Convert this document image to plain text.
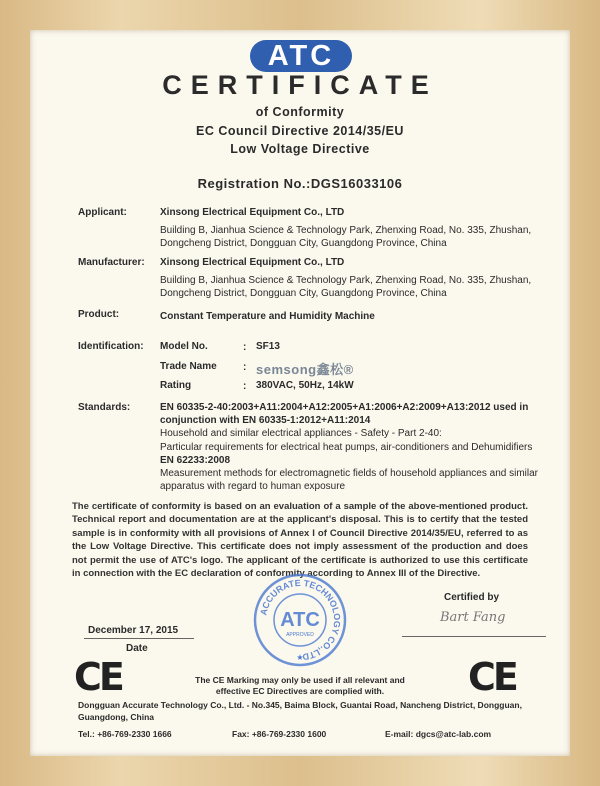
ATC
CERTIFICATE
of Conformity
EC Council Directive 2014/35/EU
Low Voltage Directive
Registration No.:DGS16033106
Applicant:	Xinsong Electrical Equipment Co., LTD
Building B, Jianhua Science & Technology Park, Zhenxing Road, No. 335, Zhushan,
Dongcheng District, Dongguan City, Guangdong Province, China
Manufacturer: Xinsong Electrical Equipment Co., LTD
Building B, Jianhua Science & Technology Park, Zhenxing Road, No. 335, Zhushan,
Dongcheng District, Dongguan City, Guangdong Province, China
Product:	Constant Temperature and Humidity Machine
Identification: Model No.	: SF13
Trade Name	: semsong鑫松®
Rating	: 380VAC, 50Hz, 14kW
Standards:	EN 60335-2-40:2003+A11:2004+A12:2005+A1:2006+A2:2009+A13:2012 used in
conjunction with EN 60335-1:2012+A11:2014
Household and similar electrical appliances - Safety - Part 2-40:
Particular requirements for electrical heat pumps, air-conditioners and Dehumidifiers
EN 62233:2008
Measurement methods for electromagnetic fields of household appliances and similar
apparatus with regard to human exposure
The certificate of conformity is based on an evaluation of a sample of the above-mentioned product. Technical report and documentation are at the applicant's disposal. This is to certify that the tested sample is in conformity with all provisions of Annex I of Council Directive 2014/35/EU, referred to as the Low Voltage Directive. This certificate does not imply assessment of the production and does not permit the use of ATC's logo. The applicant of the certificate is authorized to use this certificate in connection with the EC declaration of conformity according to Annex III of the Directive.
December 17, 2015
Date
Certified by
Bart Fang
ACCURATE TECHNOLOGY CO.,LTD
ATC
APPROVED
★
CE	CE
The CE Marking may only be used if all relevant and
effective EC Directives are complied with.
Dongguan Accurate Technology Co., Ltd. - No.345, Baima Block, Guantai Road, Nancheng District, Dongguan,
Guangdong, China
Tel.: +86-769-2330 1666	Fax: +86-769-2330 1600	E-mail: dgcs@atc-lab.com
